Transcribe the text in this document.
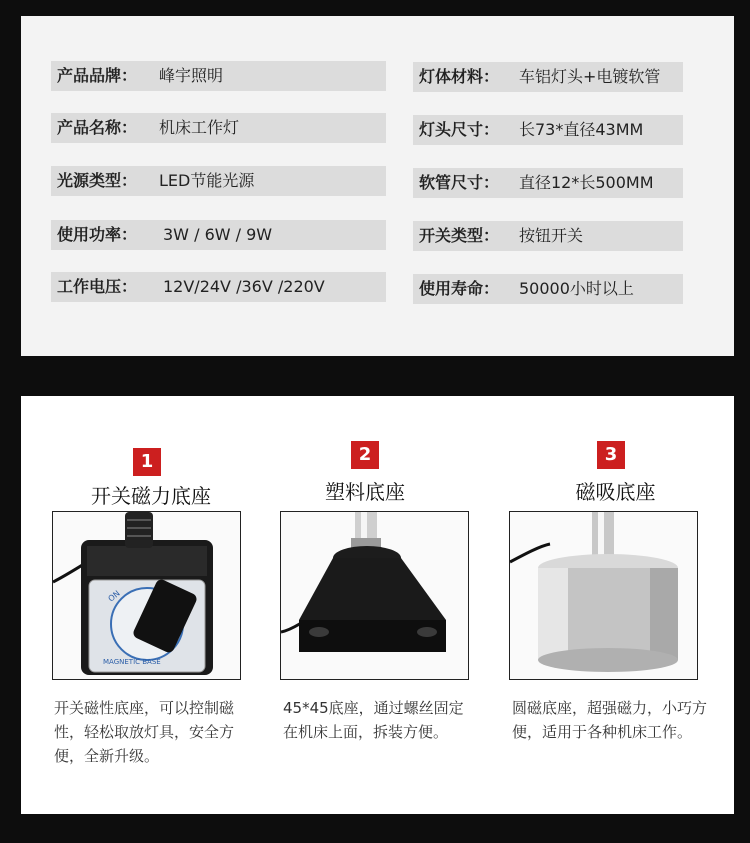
产品品牌： 峰宇照明
产品名称： 机床工作灯
光源类型： LED节能光源
使用功率： 3W / 6W / 9W
工作电压： 12V/24V /36V /220V
灯体材料： 车铝灯头+电镀软管
灯头尺寸： 长73*直径43MM
软管尺寸： 直径12*长500MM
开关类型： 按钮开关
使用寿命： 50000小时以上
1
开关磁力底座
ON
MAGNETIC BASE
开关磁性底座，可以控制磁性，轻松取放灯具，安全方便，全新升级。
2
塑料底座
45*45底座，通过螺丝固定在机床上面，拆装方便。
3
磁吸底座
圆磁底座，超强磁力，小巧方便，适用于各种机床工作。
